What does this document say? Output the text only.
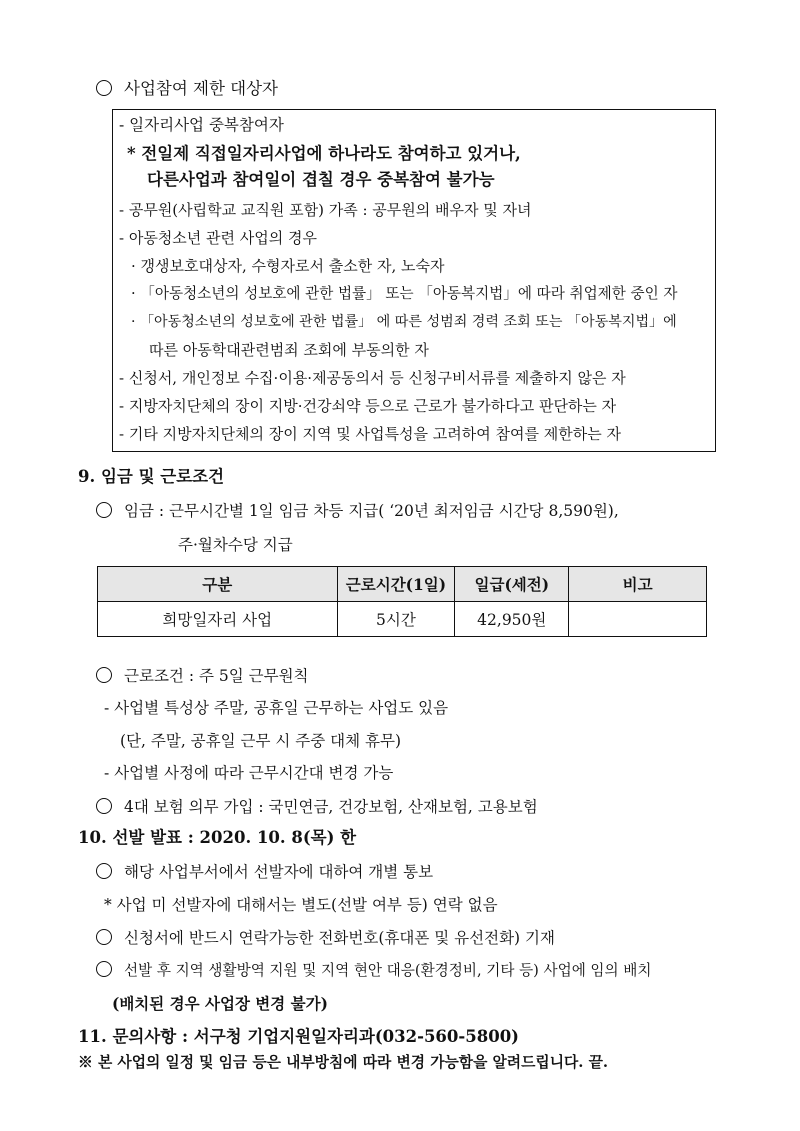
사업참여 제한 대상자
- 일자리사업 중복참여자
* 전일제 직접일자리사업에 하나라도 참여하고 있거나,
다른사업과 참여일이 겹칠 경우 중복참여 불가능
- 공무원(사립학교 교직원 포함) 가족 : 공무원의 배우자 및 자녀
- 아동청소년 관련 사업의 경우
· 갱생보호대상자, 수형자로서 출소한 자, 노숙자
· 「아동청소년의 성보호에 관한 법률」 또는 「아동복지법」에 따라 취업제한 중인 자
· 「아동청소년의 성보호에 관한 법률」 에 따른 성범죄 경력 조회 또는 「아동복지법」에
따른 아동학대관련범죄 조회에 부동의한 자
- 신청서, 개인정보 수집·이용·제공동의서 등 신청구비서류를 제출하지 않은 자
- 지방자치단체의 장이 지방·건강쇠약 등으로 근로가 불가하다고 판단하는 자
- 기타 지방자치단체의 장이 지역 및 사업특성을 고려하여 참여를 제한하는 자
9. 임금 및 근로조건
임금 : 근무시간별 1일 임금 차등 지급( ‘20년 최저임금 시간당 8,590원),
주·월차수당 지급
구분	근로시간(1일)	일급(세전)	비고
희망일자리 사업	5시간	42,950원	
근로조건 : 주 5일 근무원칙
- 사업별 특성상 주말, 공휴일 근무하는 사업도 있음
(단, 주말, 공휴일 근무 시 주중 대체 휴무)
- 사업별 사정에 따라 근무시간대 변경 가능
4대 보험 의무 가입 : 국민연금, 건강보험, 산재보험, 고용보험
10. 선발 발표 : 2020. 10. 8(목) 한
해당 사업부서에서 선발자에 대하여 개별 통보
* 사업 미 선발자에 대해서는 별도(선발 여부 등) 연락 없음
신청서에 반드시 연락가능한 전화번호(휴대폰 및 유선전화) 기재
선발 후 지역 생활방역 지원 및 지역 현안 대응(환경정비, 기타 등) 사업에 임의 배치
(배치된 경우 사업장 변경 불가)
11. 문의사항 : 서구청 기업지원일자리과(032-560-5800)
※ 본 사업의 일정 및 임금 등은 내부방침에 따라 변경 가능함을 알려드립니다. 끝.
